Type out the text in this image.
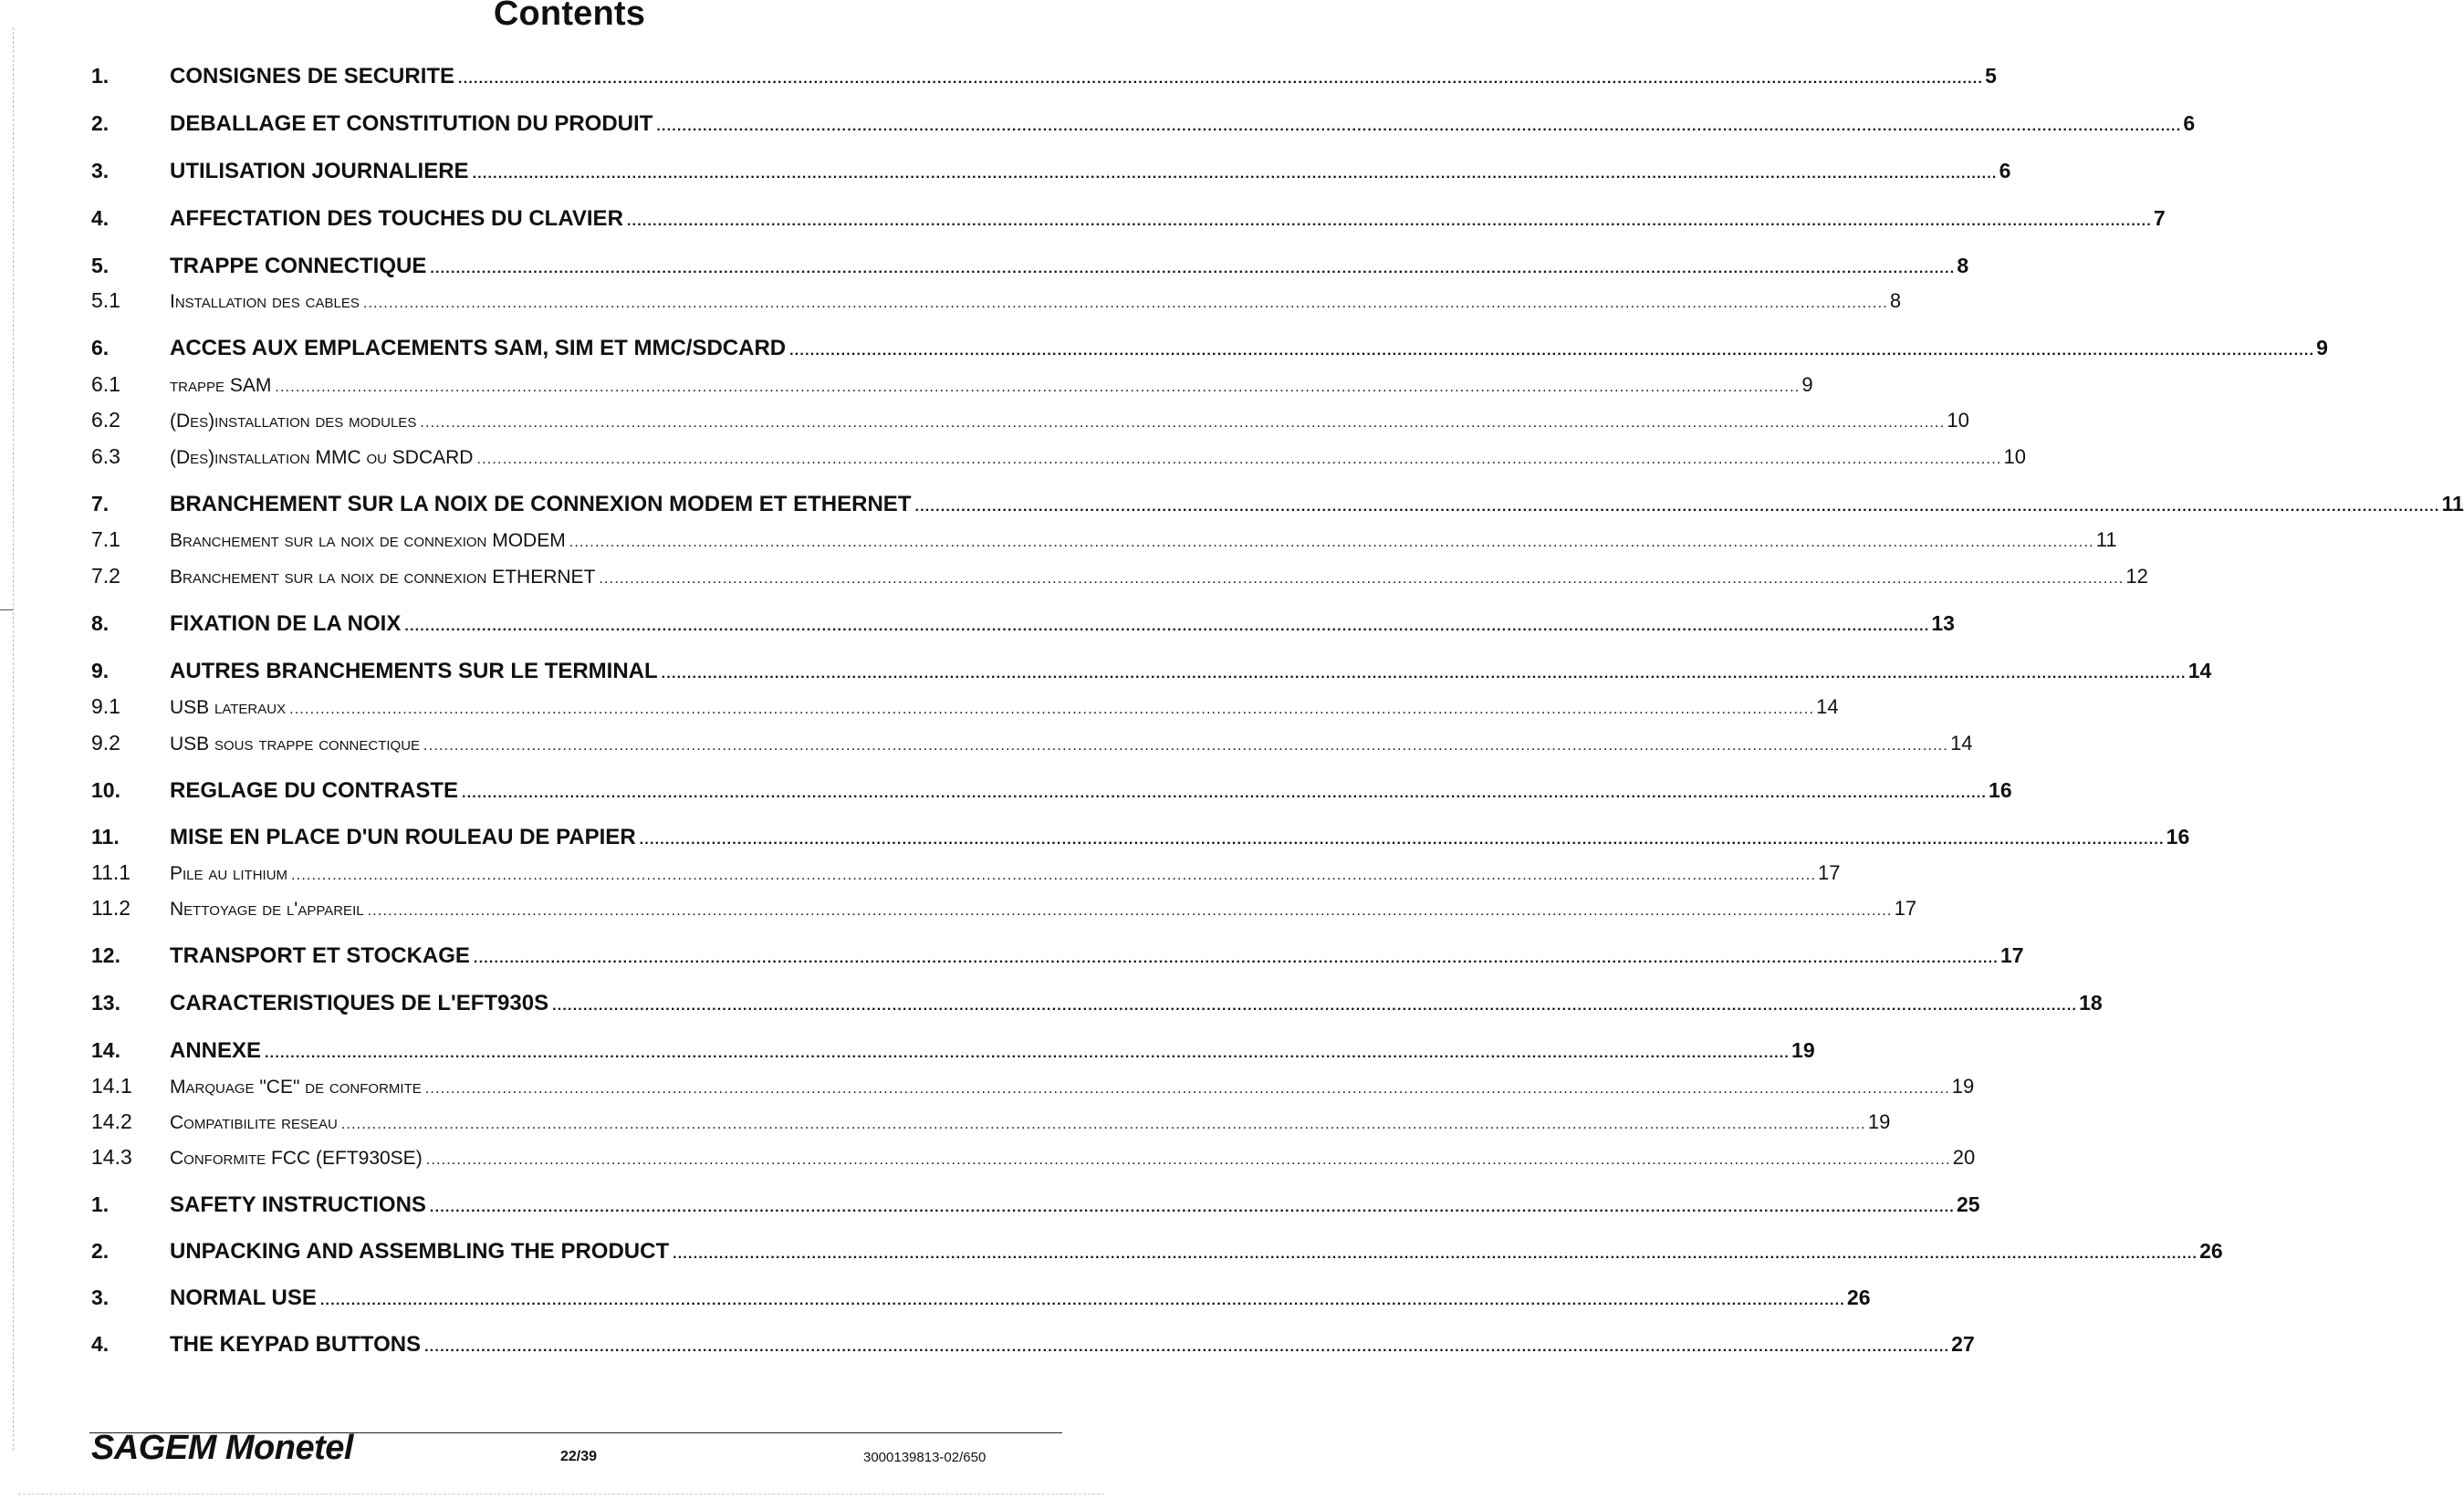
Contents
1.	CONSIGNES DE SECURITE .....	5
2.	DEBALLAGE ET CONSTITUTION DU PRODUIT .....	6
3.	UTILISATION JOURNALIERE .....	6
4.	AFFECTATION DES TOUCHES DU CLAVIER .....	7
5.	TRAPPE CONNECTIQUE .....	8
5.1	Installation des cables .....	8
6.	ACCES AUX EMPLACEMENTS SAM, SIM ET MMC/SDCARD .....	9
6.1	trappe SAM .....	9
6.2	(Des)installation des modules .....	10
6.3	(Des)installation MMC ou SDCARD .....	10
7.	BRANCHEMENT SUR LA NOIX DE CONNEXION MODEM ET ETHERNET .....	11
7.1	Branchement sur la noix de connexion MODEM .....	11
7.2	Branchement sur la noix de connexion ETHERNET .....	12
8.	FIXATION DE LA NOIX .....	13
9.	AUTRES BRANCHEMENTS SUR LE TERMINAL .....	14
9.1	USB lateraux .....	14
9.2	USB sous trappe connectique .....	14
10.	REGLAGE DU CONTRASTE .....	16
11.	MISE EN PLACE D'UN ROULEAU DE PAPIER .....	16
11.1	Pile au lithium .....	17
11.2	Nettoyage de l'appareil .....	17
12.	TRANSPORT ET STOCKAGE .....	17
13.	CARACTERISTIQUES DE L'EFT930S .....	18
14.	ANNEXE .....	19
14.1	Marquage "CE" de conformite .....	19
14.2	Compatibilite reseau .....	19
14.3	Conformite FCC (EFT930SE) .....	20
1.	SAFETY INSTRUCTIONS .....	25
2.	UNPACKING AND ASSEMBLING THE PRODUCT .....	26
3.	NORMAL USE .....	26
4.	THE KEYPAD BUTTONS .....	27
SAGEM Monetel	22/39	3000139813-02/650
